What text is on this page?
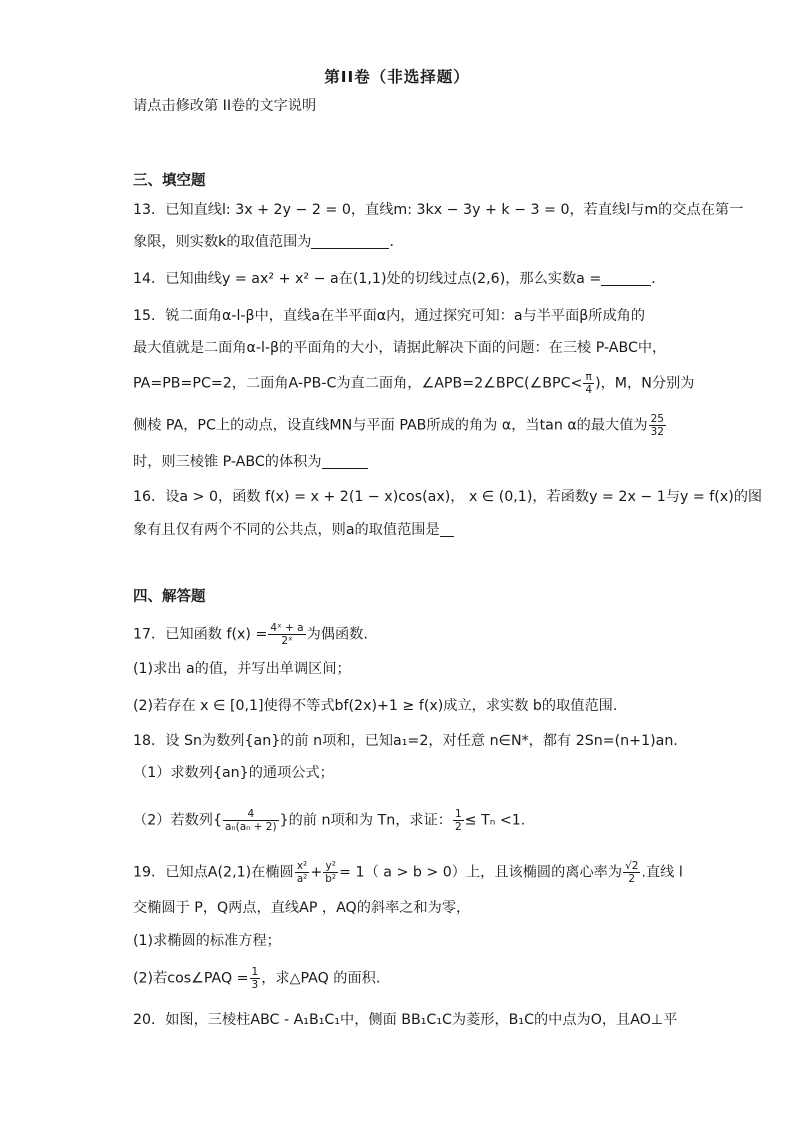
第II卷（非选择题）
请点击修改第 II卷的文字说明
三、填空题
13．已知直线l: 3x + 2y − 2 = 0，直线m: 3kx − 3y + k − 3 = 0，若直线l与m的交点在第一
象限，则实数k的取值范围为	．
14．已知曲线y = ax² + x² − a在(1,1)处的切线过点(2,6)，那么实数a =	．
15．锐二面角α-l-β中，直线a在半平面α内，通过探究可知：a与半平面β所成角的
最大值就是二面角α-l-β的平面角的大小，请据此解决下面的问题：在三棱 P-ABC中，
PA=PB=PC=2，二面角A-PB-C为直二面角，∠APB=2∠BPC(∠BPC< $\frac{\pi}{4}$ )，M，N分别为
侧棱 PA，PC上的动点，设直线MN与平面 PAB所成的角为 α，当tan α的最大值为 $\frac{25}{32}$
时，则三棱锥 P-ABC的体积为
16．设a > 0，函数 f(x) = x + 2(1 − x)cos(ax)， x ∈ (0,1)，若函数y = 2x − 1与y = f(x)的图
象有且仅有两个不同的公共点，则a的取值范围是
四、解答题
17．已知函数 $f(x) = \frac{\text{4ˣ + a}}{\text{2ˣ}}$ 为偶函数.
(1)求出 a的值，并写出单调区间；
(2)若存在 x ∈ [0,1]使得不等式bf(2x)+1 ≥ f(x)成立，求实数 b的取值范围.
18．设 Sn为数列{an}的前 n项和，已知a₁=2，对任意 n∈N*，都有 2Sn=(n+1)an.
（1）求数列{an}的通项公式；
（2）若数列{ $\frac{4}{\text{aₙ(aₙ + 2)}}$ }的前 n项和为 Tn，求证： $\frac{1}{2} \le T_n <1$.
19．已知点A(2,1)在椭圆 $\frac{\text{x²}}{\text{a²}} + \frac{\text{y²}}{\text{b²}} = 1$（ a > b > 0）上，且该椭圆的离心率为 $\frac{√2}{2}$ .直线 l
交椭圆于 P，Q两点，直线AP ，AQ的斜率之和为零，
(1)求椭圆的标准方程；
(2)若cos∠PAQ = $\frac{1}{3}$ ，求△PAQ 的面积.
20．如图，三棱柱ABC - A₁B₁C₁中，侧面 BB₁C₁C为菱形，B₁C的中点为O，且AO⊥平
